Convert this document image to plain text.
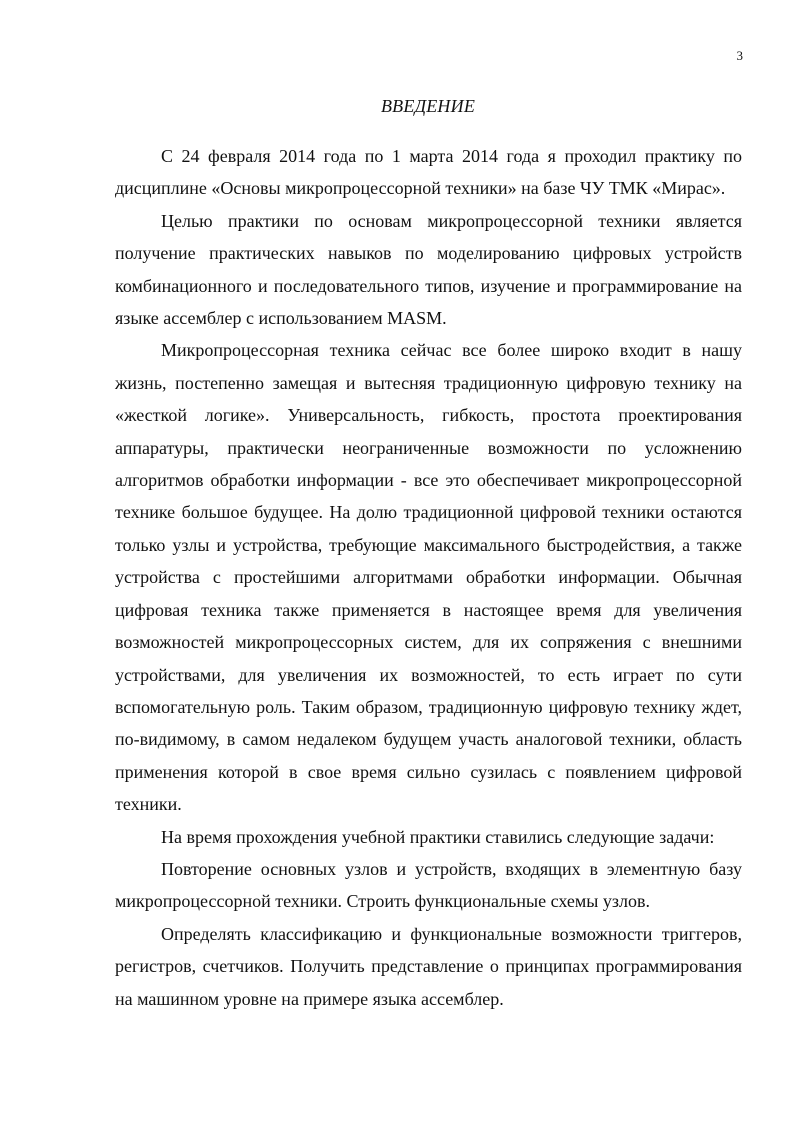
3
ВВЕДЕНИЕ

С 24 февраля 2014 года по 1 марта 2014 года я проходил практику по дисциплине «Основы микропроцессорной техники» на базе ЧУ ТМК «Мирас».

Целью практики по основам микропроцессорной техники является получение практических навыков по моделированию цифровых устройств комбинационного и последовательного типов, изучение и программирование на языке ассемблер с использованием MASM.

Микропроцессорная техника сейчас все более широко входит в нашу жизнь, постепенно замещая и вытесняя традиционную цифровую технику на «жесткой логике». Универсальность, гибкость, простота проектирования аппаратуры, практически неограниченные возможности по усложнению алгоритмов обработки информации - все это обеспечивает микропроцессорной технике большое будущее. На долю традиционной цифровой техники остаются только узлы и устройства, требующие максимального быстродействия, а также устройства с простейшими алгоритмами обработки информации. Обычная цифровая техника также применяется в настоящее время для увеличения возможностей микропроцессорных систем, для их сопряжения с внешними устройствами, для увеличения их возможностей, то есть играет по сути вспомогательную роль. Таким образом, традиционную цифровую технику ждет, по-видимому, в самом недалеком будущем участь аналоговой техники, область применения которой в свое время сильно сузилась с появлением цифровой техники.

На время прохождения учебной практики ставились следующие задачи:

Повторение основных узлов и устройств, входящих в элементную базу микропроцессорной техники. Строить функциональные схемы узлов.

Определять классификацию и функциональные возможности триггеров, регистров, счетчиков. Получить представление о принципах программирования на машинном уровне на примере языка ассемблер.
